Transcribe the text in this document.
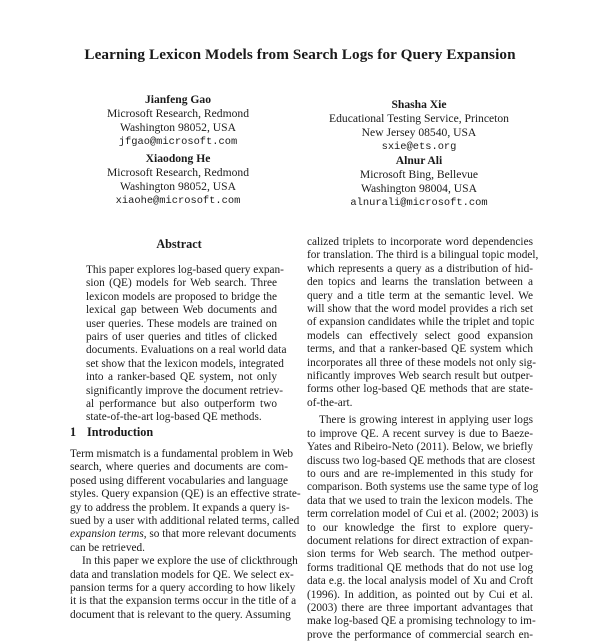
Learning Lexicon Models from Search Logs for Query Expansion
Jianfeng Gao
Microsoft Research, Redmond
Washington 98052, USA
jfgao@microsoft.com
Shasha Xie
Educational Testing Service, Princeton
New Jersey 08540, USA
sxie@ets.org
Xiaodong He
Microsoft Research, Redmond
Washington 98052, USA
xiaohe@microsoft.com
Alnur Ali
Microsoft Bing, Bellevue
Washington 98004, USA
alnurali@microsoft.com
Abstract
This paper explores log-based query expan-
sion (QE) models for Web search. Three
lexicon models are proposed to bridge the
lexical gap between Web documents and
user queries. These models are trained on
pairs of user queries and titles of clicked
documents. Evaluations on a real world data
set show that the lexicon models, integrated
into a ranker-based QE system, not only
significantly improve the document retriev-
al performance but also outperform two
state-of-the-art log-based QE methods.
1 Introduction
Term mismatch is a fundamental problem in Web
search, where queries and documents are com-
posed using different vocabularies and language
styles. Query expansion (QE) is an effective strate-
gy to address the problem. It expands a query is-
sued by a user with additional related terms, called
expansion terms, so that more relevant documents
can be retrieved.
In this paper we explore the use of clickthrough
data and translation models for QE. We select ex-
pansion terms for a query according to how likely
it is that the expansion terms occur in the title of a
document that is relevant to the query. Assuming
calized triplets to incorporate word dependencies
for translation. The third is a bilingual topic model,
which represents a query as a distribution of hid-
den topics and learns the translation between a
query and a title term at the semantic level. We
will show that the word model provides a rich set
of expansion candidates while the triplet and topic
models can effectively select good expansion
terms, and that a ranker-based QE system which
incorporates all three of these models not only sig-
nificantly improves Web search result but outper-
forms other log-based QE methods that are state-
of-the-art.
There is growing interest in applying user logs
to improve QE. A recent survey is due to Baeze-
Yates and Ribeiro-Neto (2011). Below, we briefly
discuss two log-based QE methods that are closest
to ours and are re-implemented in this study for
comparison. Both systems use the same type of log
data that we used to train the lexicon models. The
term correlation model of Cui et al. (2002; 2003) is
to our knowledge the first to explore query-
document relations for direct extraction of expan-
sion terms for Web search. The method outper-
forms traditional QE methods that do not use log
data e.g. the local analysis model of Xu and Croft
(1996). In addition, as pointed out by Cui et al.
(2003) there are three important advantages that
make log-based QE a promising technology to im-
prove the performance of commercial search en-
